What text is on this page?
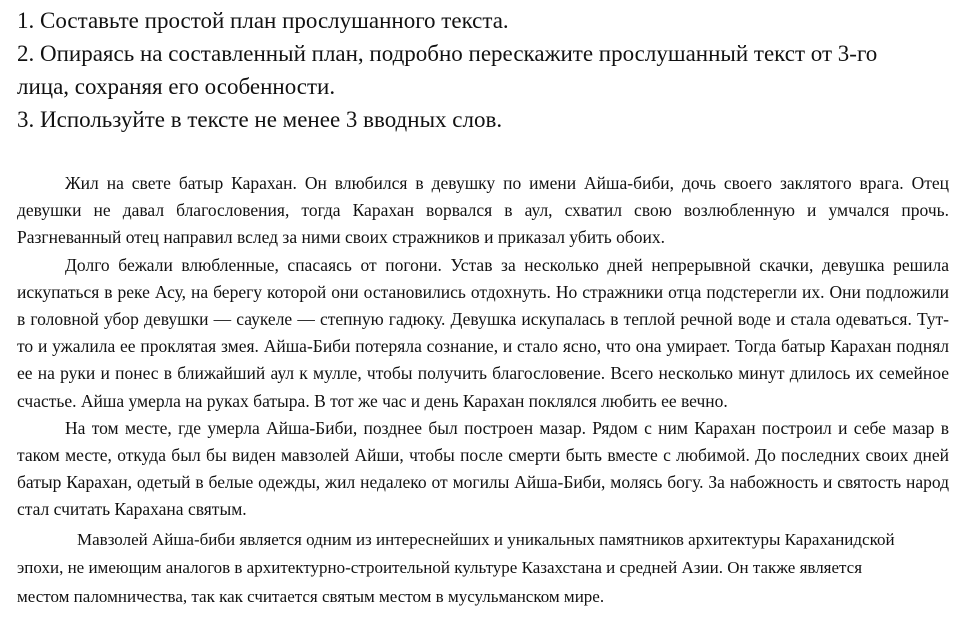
1. Составьте простой план прослушанного текста.

2. Опираясь на составленный план, подробно перескажите прослушанный текст от 3-го

лица, сохраняя его особенности.

3. Используйте в тексте не менее 3 вводных слов.

Жил на свете батыр Карахан. Он влюбился в девушку по имени Айша-биби, дочь своего заклятого врага. Отец девушки не давал благословения, тогда Карахан ворвался в аул, схватил свою возлюбленную и умчался прочь. Разгневанный отец направил вслед за ними своих стражников и приказал убить обоих.

Долго бежали влюбленные, спасаясь от погони. Устав за несколько дней непрерывной скачки, девушка решила искупаться в реке Асу, на берегу которой они остановились отдохнуть. Но стражники отца подстерегли их. Они подложили в головной убор девушки — саукеле — степную гадюку. Девушка искупалась в теплой речной воде и стала одеваться. Тут-то и ужалила ее проклятая змея. Айша-Биби потеряла сознание, и стало ясно, что она умирает. Тогда батыр Карахан поднял ее на руки и понес в ближайший аул к мулле, чтобы получить благословение. Всего несколько минут длилось их семейное счастье. Айша умерла на руках батыра. В тот же час и день Карахан поклялся любить ее вечно.

На том месте, где умерла Айша-Биби, позднее был построен мазар. Рядом с ним Карахан построил и себе мазар в таком месте, откуда был бы виден мавзолей Айши, чтобы после смерти быть вместе с любимой. До последних своих дней батыр Карахан, одетый в белые одежды, жил недалеко от могилы Айша-Биби, молясь богу. За набожность и святость народ стал считать Карахана святым.

Мавзолей Айша-биби является одним из интереснейших и уникальных памятников архитектуры Караханидской эпохи, не имеющим аналогов в архитектурно-строительной культуре Казахстана и средней Азии. Он также является местом паломничества, так как считается святым местом в мусульманском мире.
